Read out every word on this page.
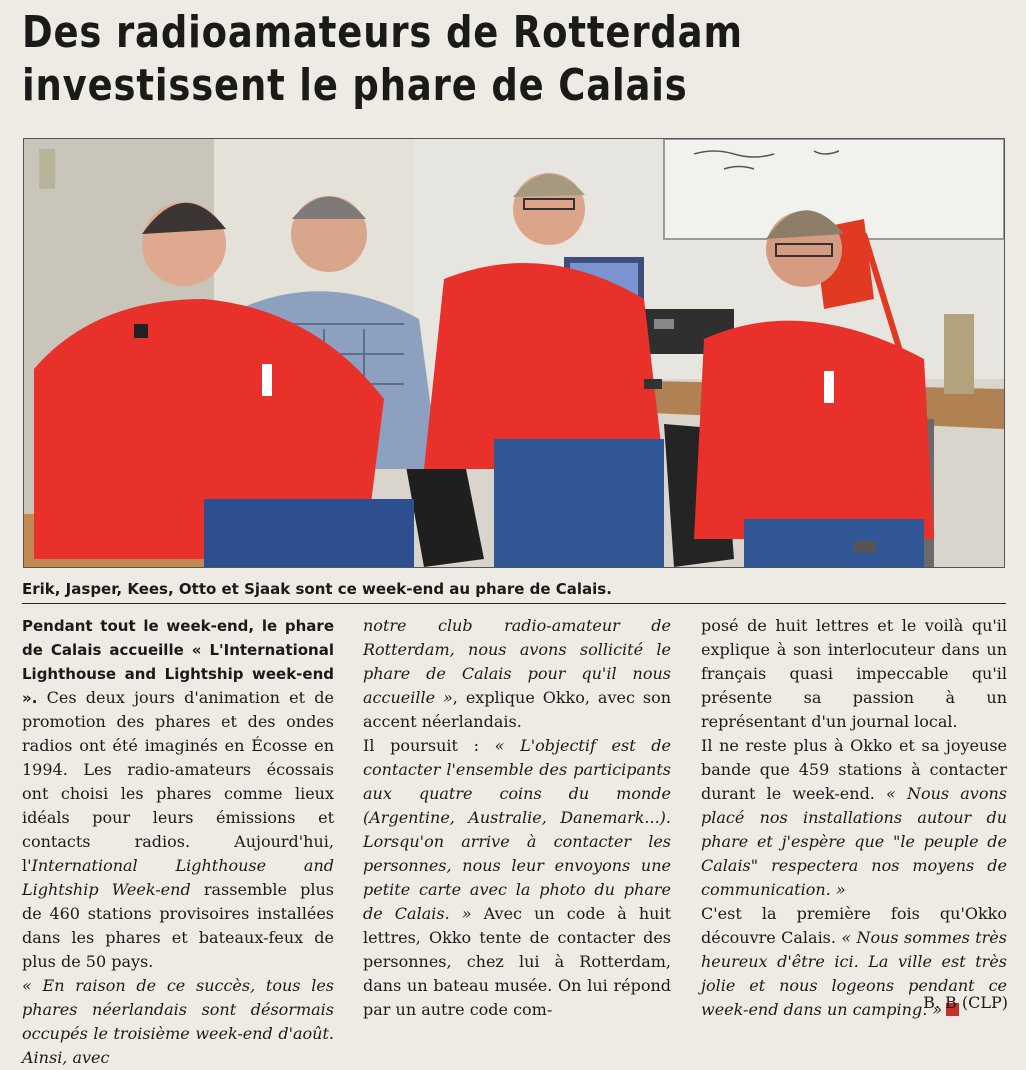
Des radioamateurs de Rotterdam
investissent le phare de Calais

Erik, Jasper, Kees, Otto et Sjaak sont ce week-end au phare de Calais.

Pendant tout le week-end, le phare de Calais accueille « L'International Lighthouse and Lightship week-end ». Ces deux jours d'animation et de promotion des phares et des ondes radios ont été imaginés en Écosse en 1994. Les radio-amateurs écossais ont choisi les phares comme lieux idéals pour leurs émissions et contacts radios. Aujourd'hui, l'International Lighthouse and Lightship Week-end rassemble plus de 460 stations provisoires installées dans les phares et bateaux-feux de plus de 50 pays.

« En raison de ce succès, tous les phares néerlandais sont désormais occupés le troisième week-end d'août. Ainsi, avec

notre club radio-amateur de Rotterdam, nous avons sollicité le phare de Calais pour qu'il nous accueille », explique Okko, avec son accent néerlandais.

Il poursuit : « L'objectif est de contacter l'ensemble des participants aux quatre coins du monde (Argentine, Australie, Danemark...). Lorsqu'on arrive à contacter les personnes, nous leur envoyons une petite carte avec la photo du phare de Calais. » Avec un code à huit lettres, Okko tente de contacter des personnes, chez lui à Rotterdam, dans un bateau musée. On lui répond par un autre code com-

posé de huit lettres et le voilà qu'il explique à son interlocuteur dans un français quasi impeccable qu'il présente sa passion à un représentant d'un journal local.

Il ne reste plus à Okko et sa joyeuse bande que 459 stations à contacter durant le week-end. « Nous avons placé nos installations autour du phare et j'espère que "le peuple de Calais" respectera nos moyens de communication. »

C'est la première fois qu'Okko découvre Calais. « Nous sommes très heureux d'être ici. La ville est très jolie et nous logeons pendant ce week-end dans un camping. »

B. B (CLP)
